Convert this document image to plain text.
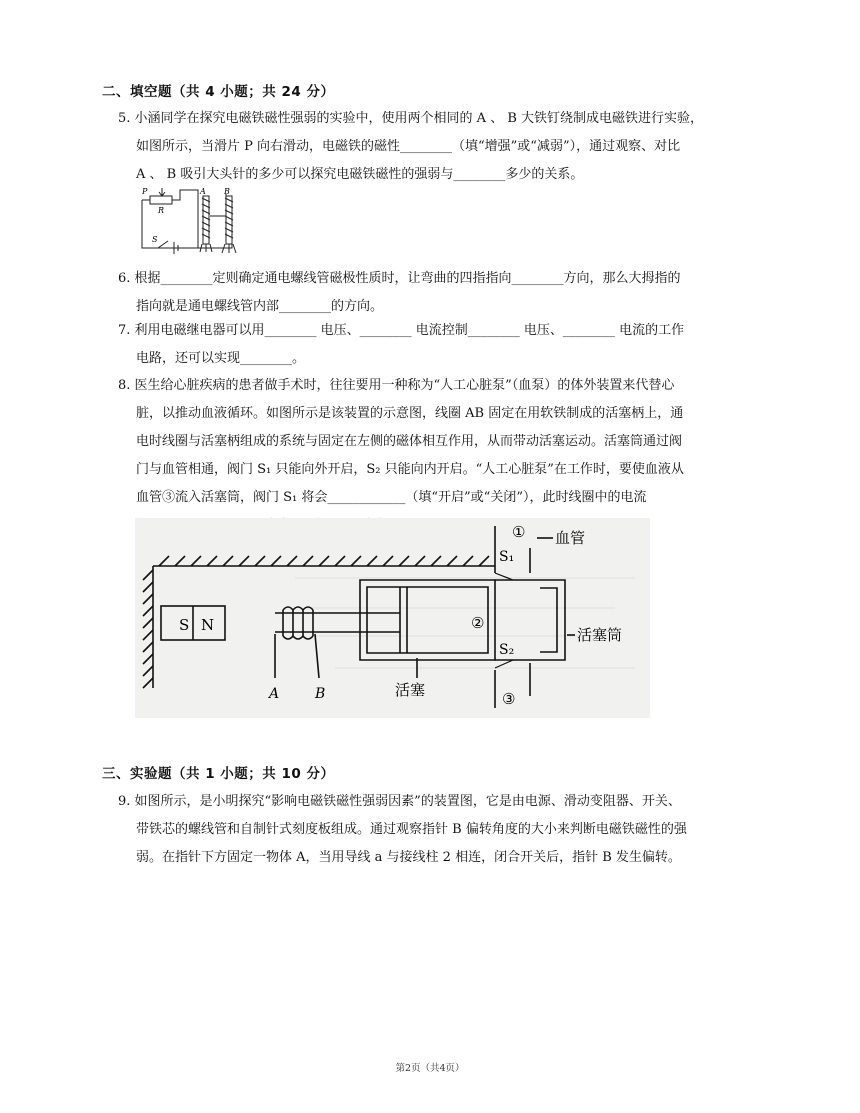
二、填空题（共 4 小题；共 24 分）
5. 小涵同学在探究电磁铁磁性强弱的实验中，使用两个相同的 A 、 B 大铁钉绕制成电磁铁进行实验，
如图所示，当滑片 P 向右滑动，电磁铁的磁性________（填“增强”或“减弱”），通过观察、对比
A 、 B 吸引大头针的多少可以探究电磁铁磁性的强弱与________多少的关系。
P
R
S
A B
6. 根据________定则确定通电螺线管磁极性质时，让弯曲的四指指向________方向，那么大拇指的
指向就是通电螺线管内部________的方向。
7. 利用电磁继电器可以用________ 电压、________ 电流控制________ 电压、________ 电流的工作
电路，还可以实现________。
8. 医生给心脏疾病的患者做手术时，往往要用一种称为“人工心脏泵”（血泵）的体外装置来代替心
脏，以推动血液循环。如图所示是该装置的示意图，线圈 AB 固定在用软铁制成的活塞柄上，通
电时线圈与活塞柄组成的系统与固定在左侧的磁体相互作用，从而带动活塞运动。活塞筒通过阀
门与血管相通，阀门 S₁ 只能向外开启，S₂ 只能向内开启。“人工心脏泵”在工作时，要使血液从
血管③流入活塞筒，阀门 S₁ 将会____________（填“开启”或“关闭”），此时线圈中的电流
S N
A	B
①
②
③
S₁
S₂
血管
活塞筒
活塞
三、实验题（共 1 小题；共 10 分）
9. 如图所示，是小明探究“影响电磁铁磁性强弱因素”的装置图，它是由电源、滑动变阻器、开关、
带铁芯的螺线管和自制针式刻度板组成。通过观察指针 B 偏转角度的大小来判断电磁铁磁性的强
弱。在指针下方固定一物体 A，当用导线 a 与接线柱 2 相连，闭合开关后，指针 B 发生偏转。
第2页（共4页）
